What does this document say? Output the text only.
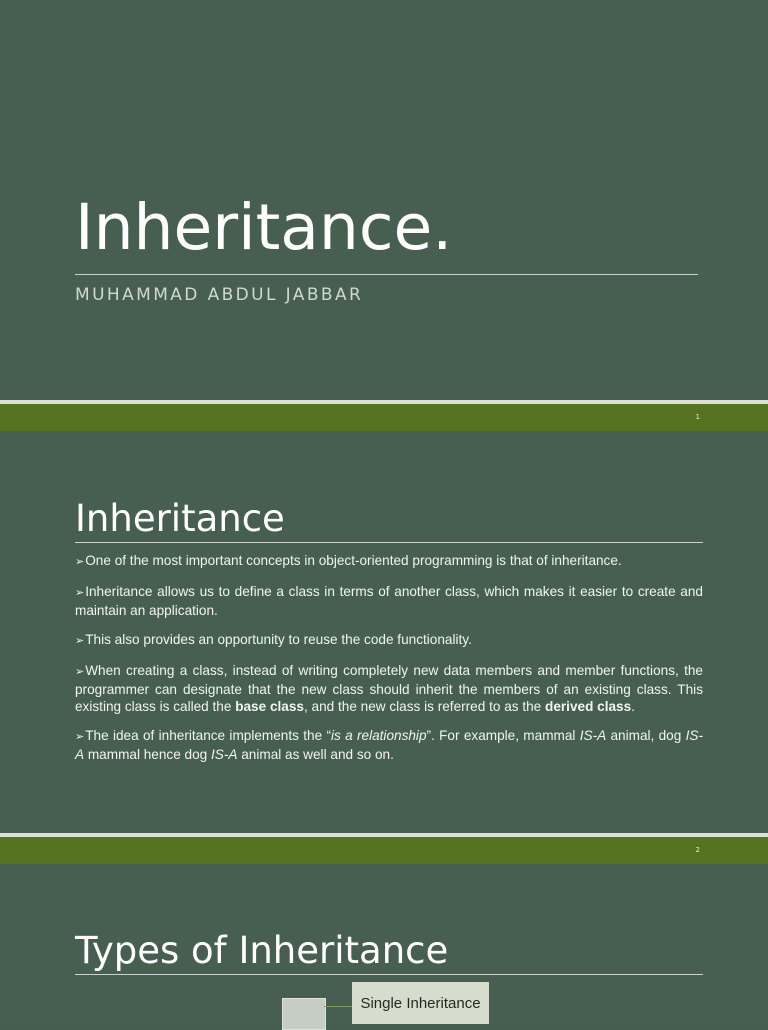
Inheritance.
MUHAMMAD ABDUL JABBAR
1
Inheritance
➢One of the most important concepts in object-oriented programming is that of inheritance.
➢Inheritance allows us to define a class in terms of another class, which makes it easier to create and maintain an application.
➢This also provides an opportunity to reuse the code functionality.
➢When creating a class, instead of writing completely new data members and member functions, the programmer can designate that the new class should inherit the members of an existing class. This existing class is called the base class, and the new class is referred to as the derived class.
➢The idea of inheritance implements the “is a relationship”. For example, mammal IS-A animal, dog IS-A mammal hence dog IS-A animal as well and so on.
2
Types of Inheritance
Single Inheritance
